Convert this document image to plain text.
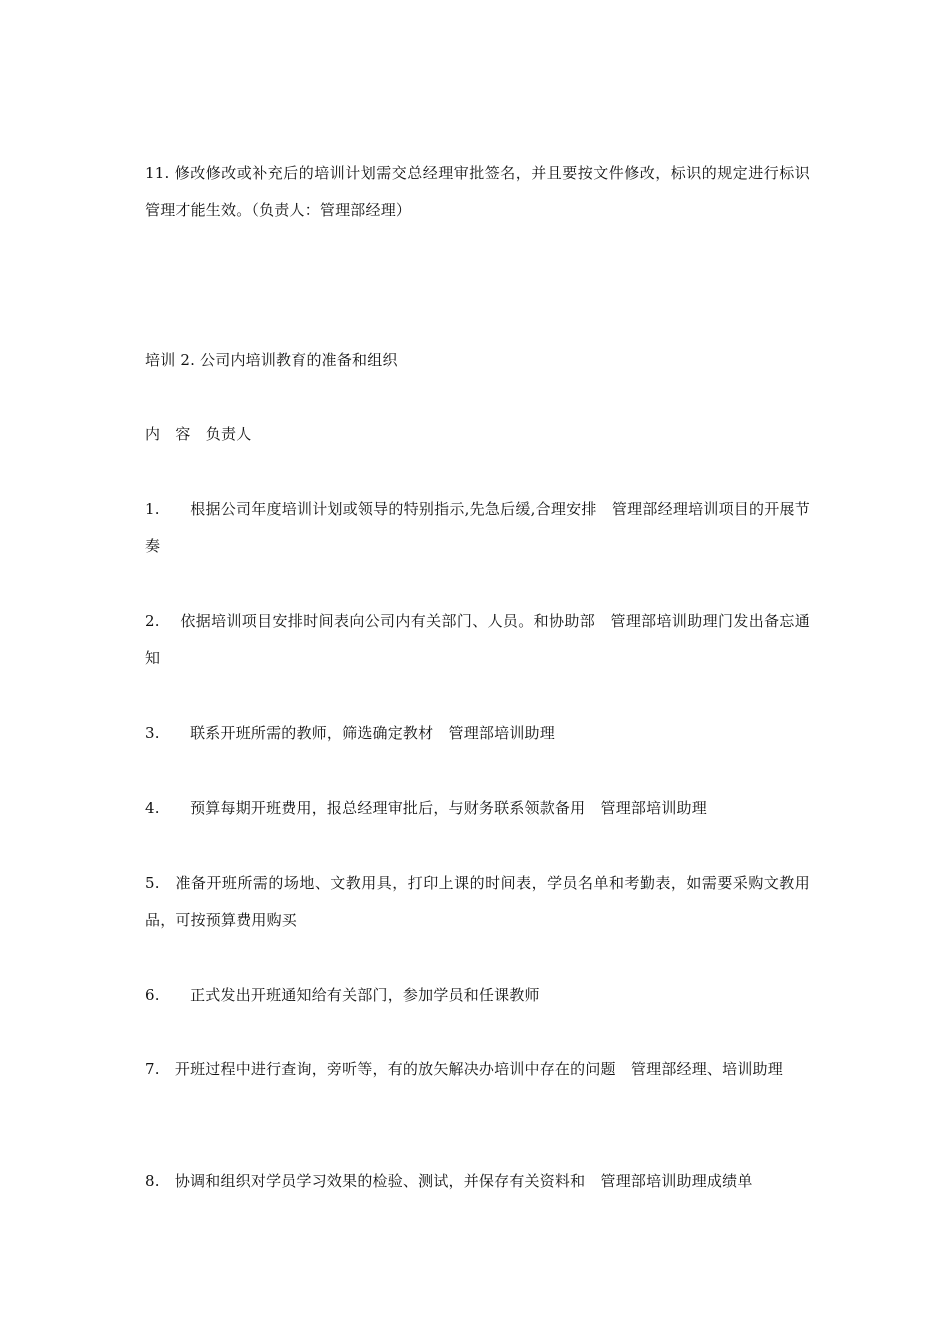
11. 修改修改或补充后的培训计划需交总经理审批签名，并且要按文件修改，标识的规定进行标识管理才能生效。（负责人：管理部经理）

培训 2. 公司内培训教育的准备和组织

内　容　负责人

1.　　根据公司年度培训计划或领导的特别指示,先急后缓,合理安排　管理部经理培训项目的开展节奏

2.　 依据培训项目安排时间表向公司内有关部门、人员。和协助部　管理部培训助理门发出备忘通知

3.　　联系开班所需的教师，筛选确定教材　管理部培训助理

4.　　预算每期开班费用，报总经理审批后，与财务联系领款备用　管理部培训助理

5.　准备开班所需的场地、文教用具，打印上课的时间表，学员名单和考勤表，如需要采购文教用品，可按预算费用购买

6.　　正式发出开班通知给有关部门，参加学员和任课教师

7.　开班过程中进行查询，旁听等，有的放矢解决办培训中存在的问题　管理部经理、培训助理

8.　协调和组织对学员学习效果的检验、测试，并保存有关资料和　管理部培训助理成绩单
